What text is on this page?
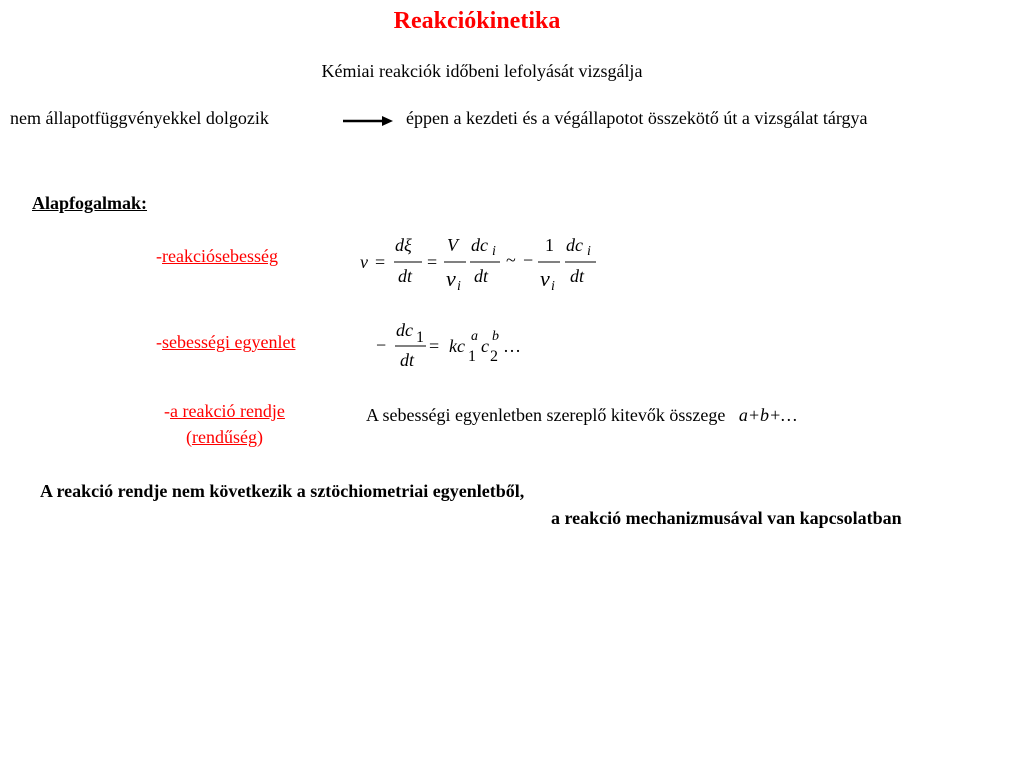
Reakciókinetika
Kémiai reakciók időbeni lefolyását vizsgálja
nem állapotfüggvényekkel dolgozik	éppen a kezdeti és a végállapotot összekötő út a vizsgálat tárgya
Alapfogalmak:
-reakciósebesség	v =
dξ
dt
=
V
ν i
dc i
dt
~ −
1
ν i
dc i
dt
-sebességi egyenlet	−
dc
dt
1 = kc a c b
1 2
…
-a reakció rendje
(rendűség)
A sebességi egyenletben szereplő kitevők összege a+b+…
A reakció rendje nem következik a sztöchiometriai egyenletből,
a reakció mechanizmusával van kapcsolatban
